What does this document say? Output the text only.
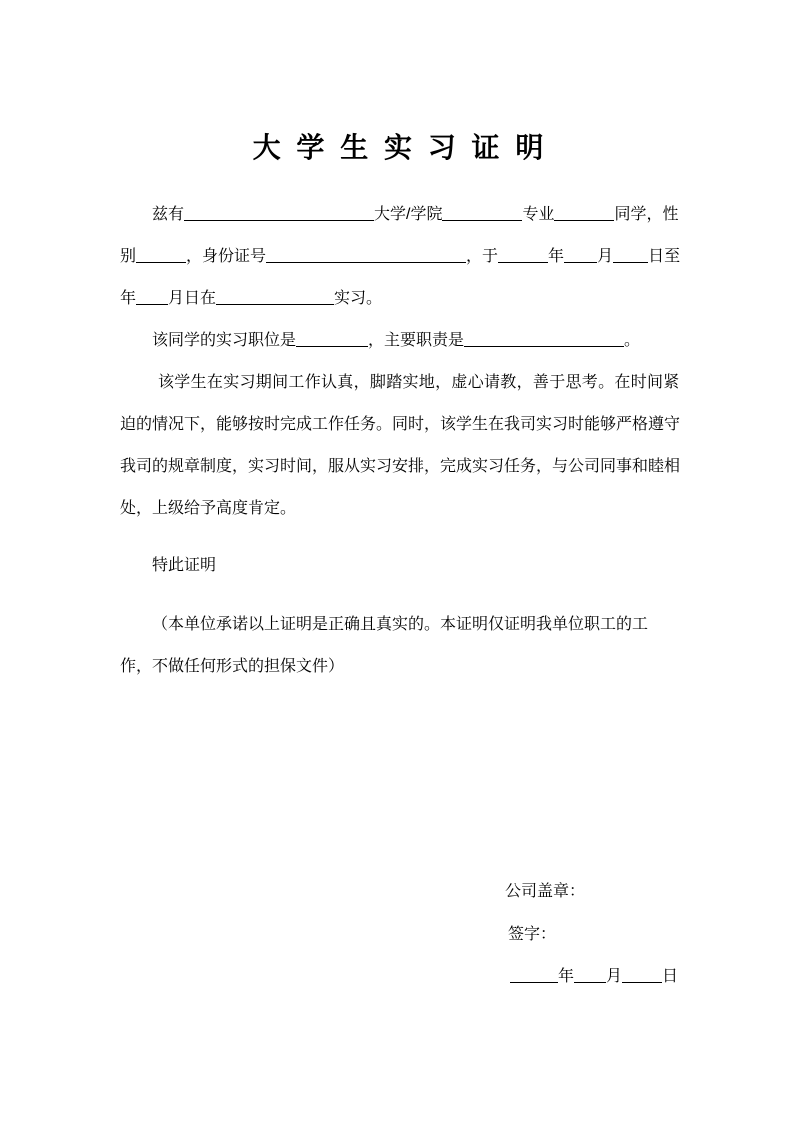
大 学 生 实 习 证 明
兹有	大学/学院	专业	同学，性
别	，身份证号	，于	年 月 日至
年 月日在	实习。
该同学的实习职位是	，主要职责是	。
该学生在实习期间工作认真，脚踏实地，虚心请教，善于思考。在时间紧
迫的情况下，能够按时完成工作任务。同时，该学生在我司实习时能够严格遵守
我司的规章制度，实习时间，服从实习安排，完成实习任务，与公司同事和睦相
处，上级给予高度肯定。
特此证明
（本单位承诺以上证明是正确且真实的。本证明仅证明我单位职工的工
作，不做任何形式的担保文件）
公司盖章：
签字：
年 月	日
